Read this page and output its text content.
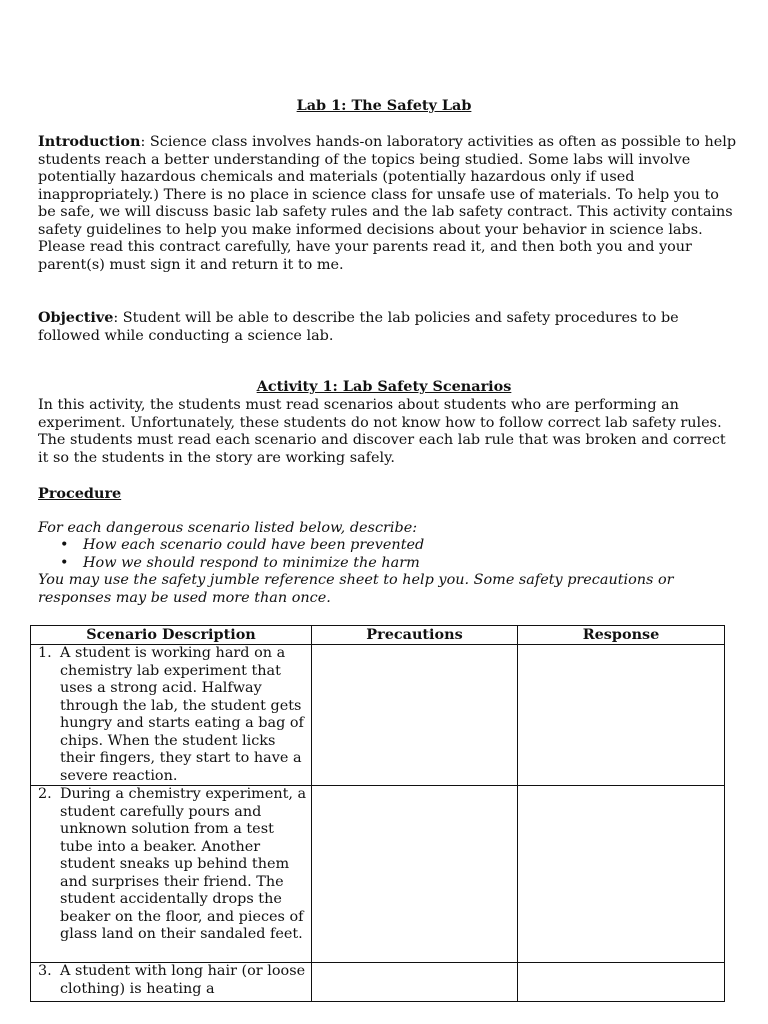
Lab 1: The Safety Lab

Introduction: Science class involves hands-on laboratory activities as often as possible to help students reach a better understanding of the topics being studied. Some labs will involve potentially hazardous chemicals and materials (potentially hazardous only if used inappropriately.) There is no place in science class for unsafe use of materials. To help you to be safe, we will discuss basic lab safety rules and the lab safety contract. This activity contains safety guidelines to help you make informed decisions about your behavior in science labs. Please read this contract carefully, have your parents read it, and then both you and your parent(s) must sign it and return it to me.

Objective: Student will be able to describe the lab policies and safety procedures to be followed while conducting a science lab.

Activity 1: Lab Safety Scenarios

In this activity, the students must read scenarios about students who are performing an experiment. Unfortunately, these students do not know how to follow correct lab safety rules. The students must read each scenario and discover each lab rule that was broken and correct it so the students in the story are working safely.

Procedure

For each dangerous scenario listed below, describe:

• How each scenario could have been prevented
• How we should respond to minimize the harm

You may use the safety jumble reference sheet to help you. Some safety precautions or responses may be used more than once.

Scenario Description	Precautions	Response

1. A student is working hard on a chemistry lab experiment that uses a strong acid. Halfway through the lab, the student gets hungry and starts eating a bag of chips. When the student licks their fingers, they start to have a severe reaction.		

2. During a chemistry experiment, a student carefully pours and unknown solution from a test tube into a beaker. Another student sneaks up behind them and surprises their friend. The student accidentally drops the beaker on the floor, and pieces of glass land on their sandaled feet.		

3. A student with long hair (or loose clothing) is heating a		
